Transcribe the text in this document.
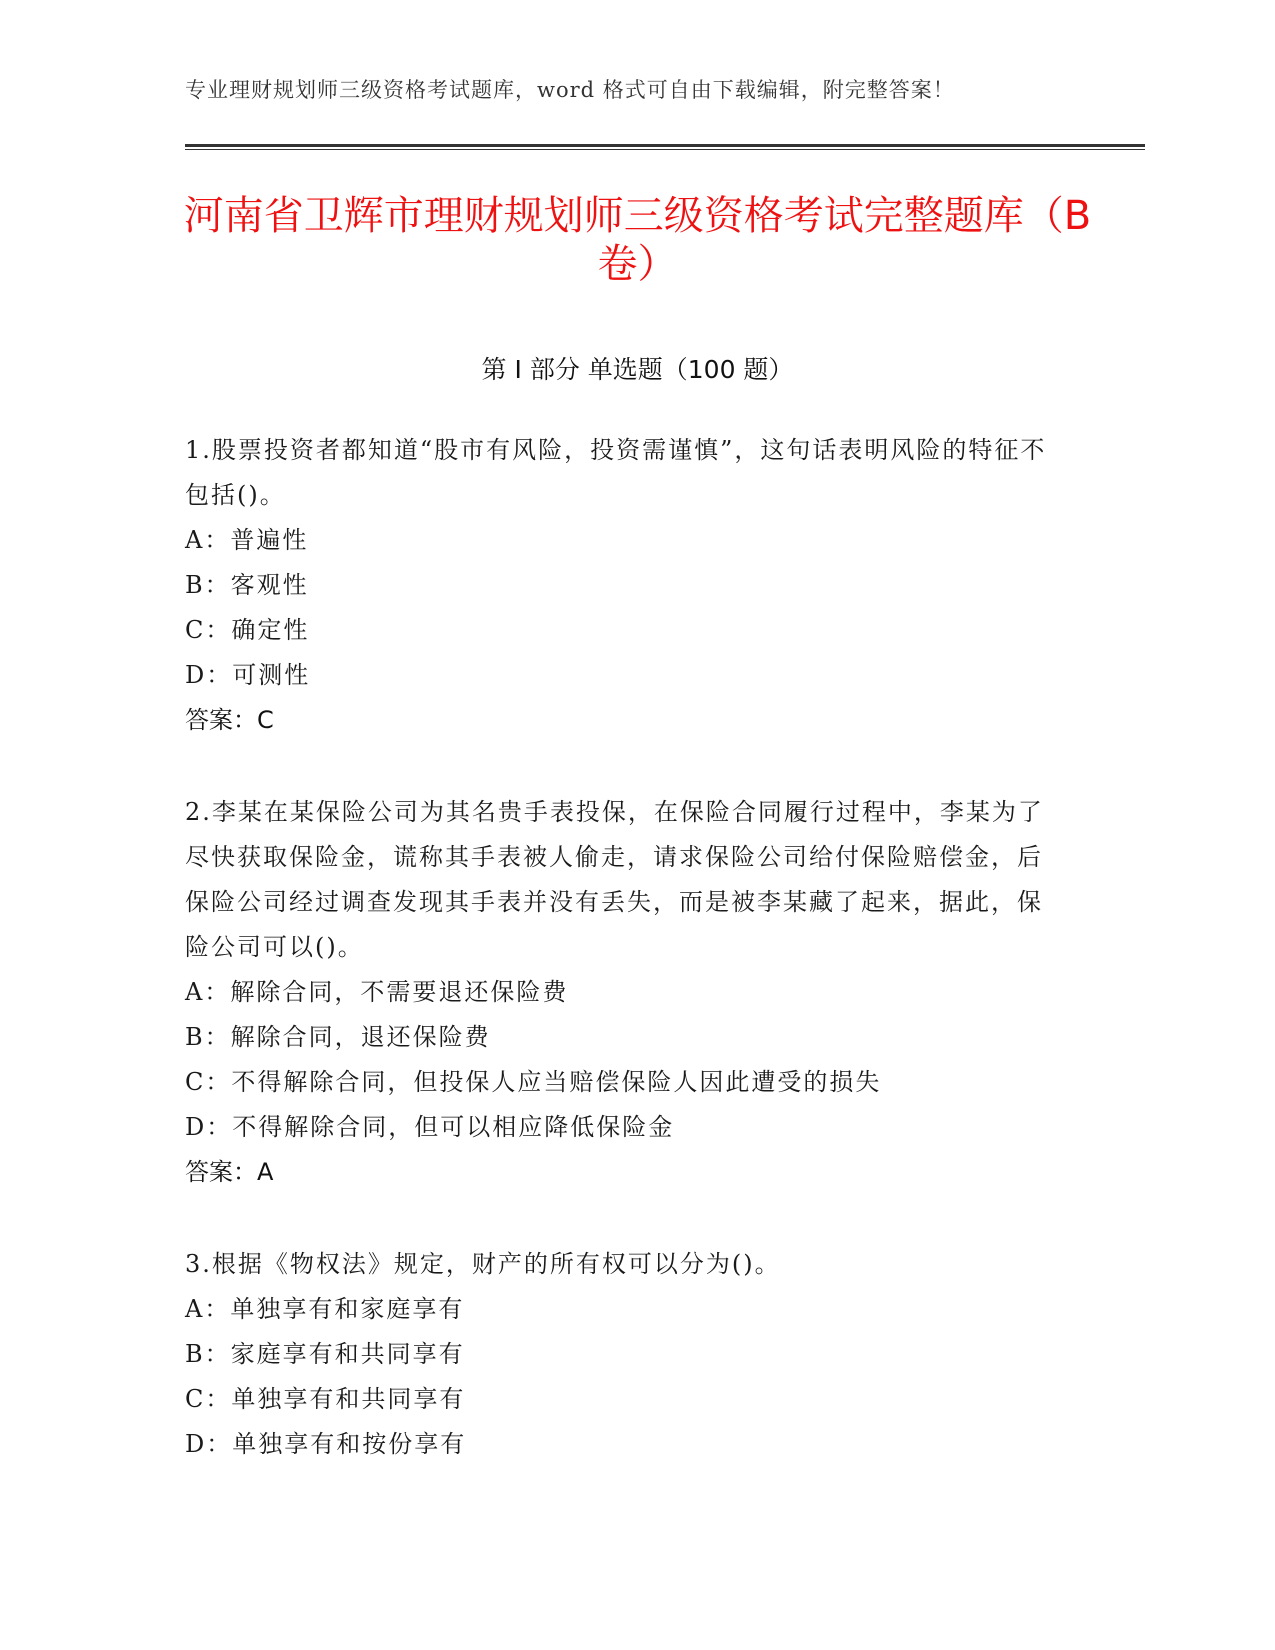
专业理财规划师三级资格考试题库，word 格式可自由下载编辑，附完整答案！
河南省卫辉市理财规划师三级资格考试完整题库（B 卷）
第 I 部分 单选题（100 题）
1.股票投资者都知道“股市有风险，投资需谨慎”，这句话表明风险的特征不包括()。
A：普遍性
B：客观性
C：确定性
D：可测性
答案：C
2.李某在某保险公司为其名贵手表投保，在保险合同履行过程中，李某为了尽快获取保险金，谎称其手表被人偷走，请求保险公司给付保险赔偿金，后保险公司经过调查发现其手表并没有丢失，而是被李某藏了起来，据此，保险公司可以()。
A：解除合同，不需要退还保险费
B：解除合同，退还保险费
C：不得解除合同，但投保人应当赔偿保险人因此遭受的损失
D：不得解除合同，但可以相应降低保险金
答案：A
3.根据《物权法》规定，财产的所有权可以分为()。
A：单独享有和家庭享有
B：家庭享有和共同享有
C：单独享有和共同享有
D：单独享有和按份享有
